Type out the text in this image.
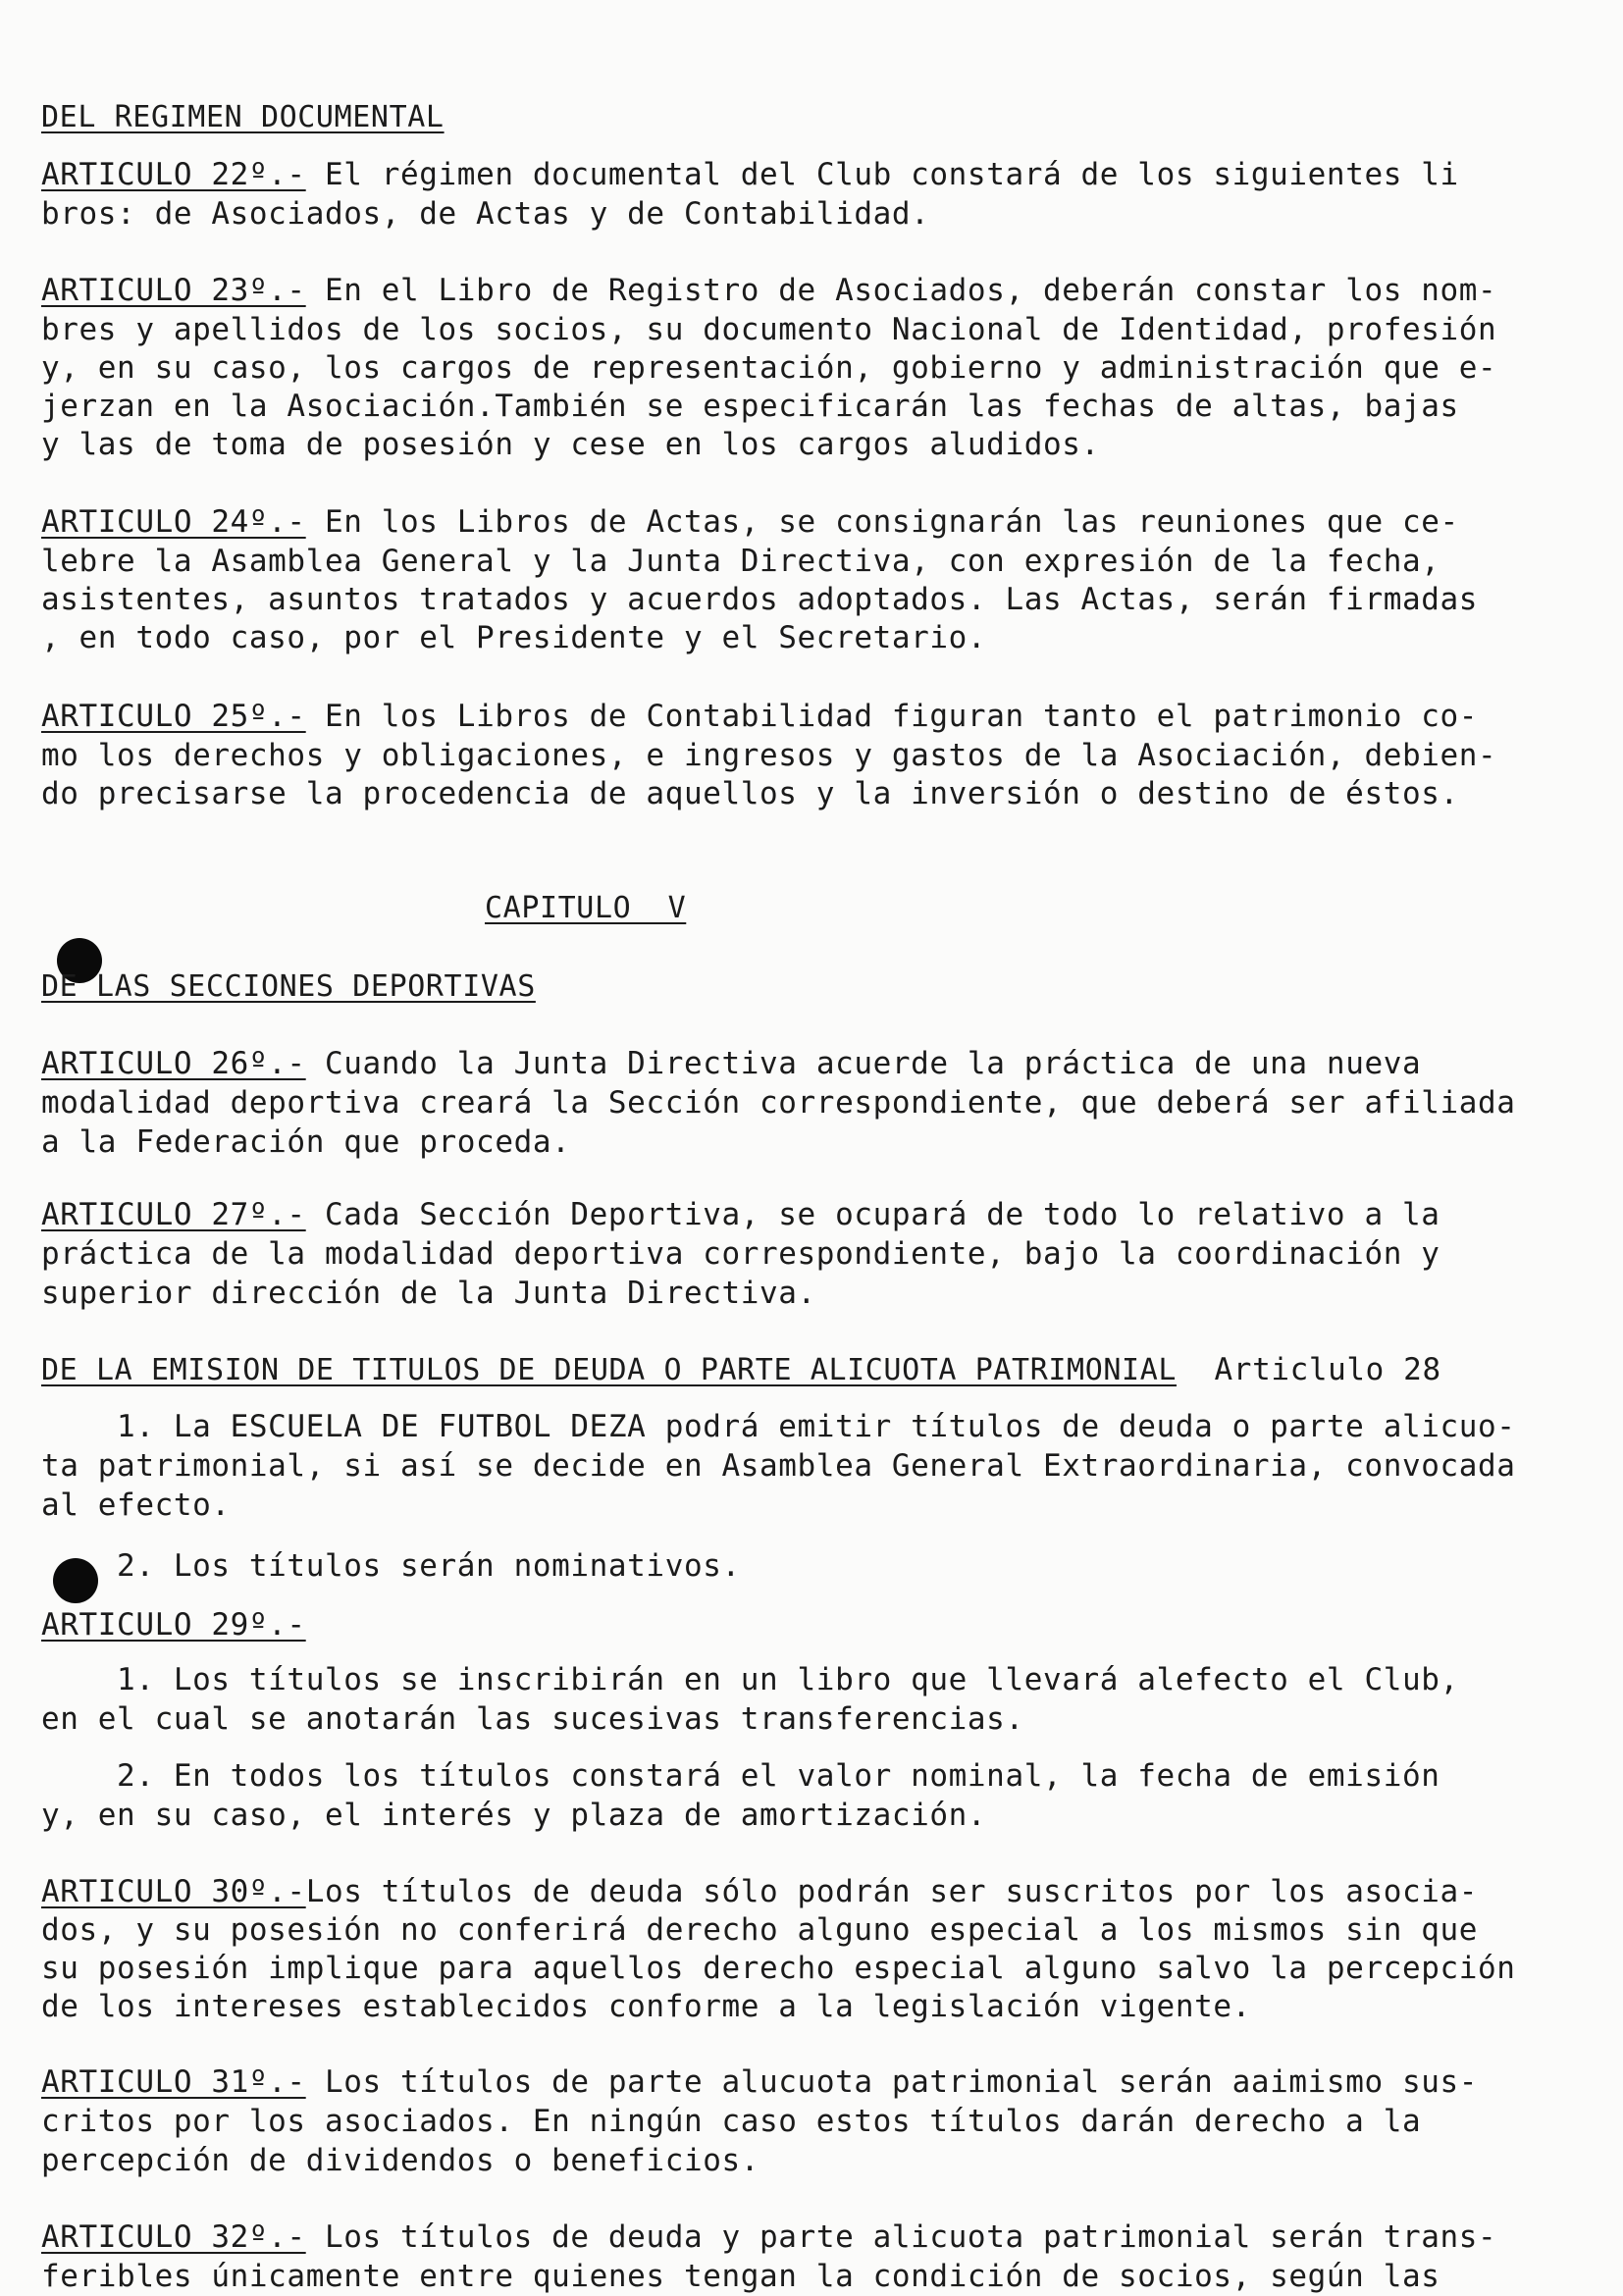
DEL REGIMEN DOCUMENTAL
ARTICULO 22º.- El régimen documental del Club constará de los siguientes li
bros: de Asociados, de Actas y de Contabilidad.
ARTICULO 23º.- En el Libro de Registro de Asociados, deberán constar los nom-
bres y apellidos de los socios, su documento Nacional de Identidad, profesión
y, en su caso, los cargos de representación, gobierno y administración que e-
jerzan en la Asociación.También se especificarán las fechas de altas, bajas
y las de toma de posesión y cese en los cargos aludidos.
ARTICULO 24º.- En los Libros de Actas, se consignarán las reuniones que ce-
lebre la Asamblea General y la Junta Directiva, con expresión de la fecha,
asistentes, asuntos tratados y acuerdos adoptados. Las Actas, serán firmadas
, en todo caso, por el Presidente y el Secretario.
ARTICULO 25º.- En los Libros de Contabilidad figuran tanto el patrimonio co-
mo los derechos y obligaciones, e ingresos y gastos de la Asociación, debien-
do precisarse la procedencia de aquellos y la inversión o destino de éstos.
CAPITULO  V
DE LAS SECCIONES DEPORTIVAS
ARTICULO 26º.- Cuando la Junta Directiva acuerde la práctica de una nueva
modalidad deportiva creará la Sección correspondiente, que deberá ser afiliada
a la Federación que proceda.
ARTICULO 27º.- Cada Sección Deportiva, se ocupará de todo lo relativo a la
práctica de la modalidad deportiva correspondiente, bajo la coordinación y
superior dirección de la Junta Directiva.
DE LA EMISION DE TITULOS DE DEUDA O PARTE ALICUOTA PATRIMONIAL  Articlulo 28
1. La ESCUELA DE FUTBOL DEZA podrá emitir títulos de deuda o parte alicuo-
ta patrimonial, si así se decide en Asamblea General Extraordinaria, convocada
al efecto.
2. Los títulos serán nominativos.
ARTICULO 29º.-
1. Los títulos se inscribirán en un libro que llevará alefecto el Club,
en el cual se anotarán las sucesivas transferencias.
2. En todos los títulos constará el valor nominal, la fecha de emisión
y, en su caso, el interés y plaza de amortización.
ARTICULO 30º.-Los títulos de deuda sólo podrán ser suscritos por los asocia-
dos, y su posesión no conferirá derecho alguno especial a los mismos sin que
su posesión implique para aquellos derecho especial alguno salvo la percepción
de los intereses establecidos conforme a la legislación vigente.
ARTICULO 31º.- Los títulos de parte alucuota patrimonial serán aaimismo sus-
critos por los asociados. En ningún caso estos títulos darán derecho a la
percepción de dividendos o beneficios.
ARTICULO 32º.- Los títulos de deuda y parte alicuota patrimonial serán trans-
feribles únicamente entre quienes tengan la condición de socios, según las
